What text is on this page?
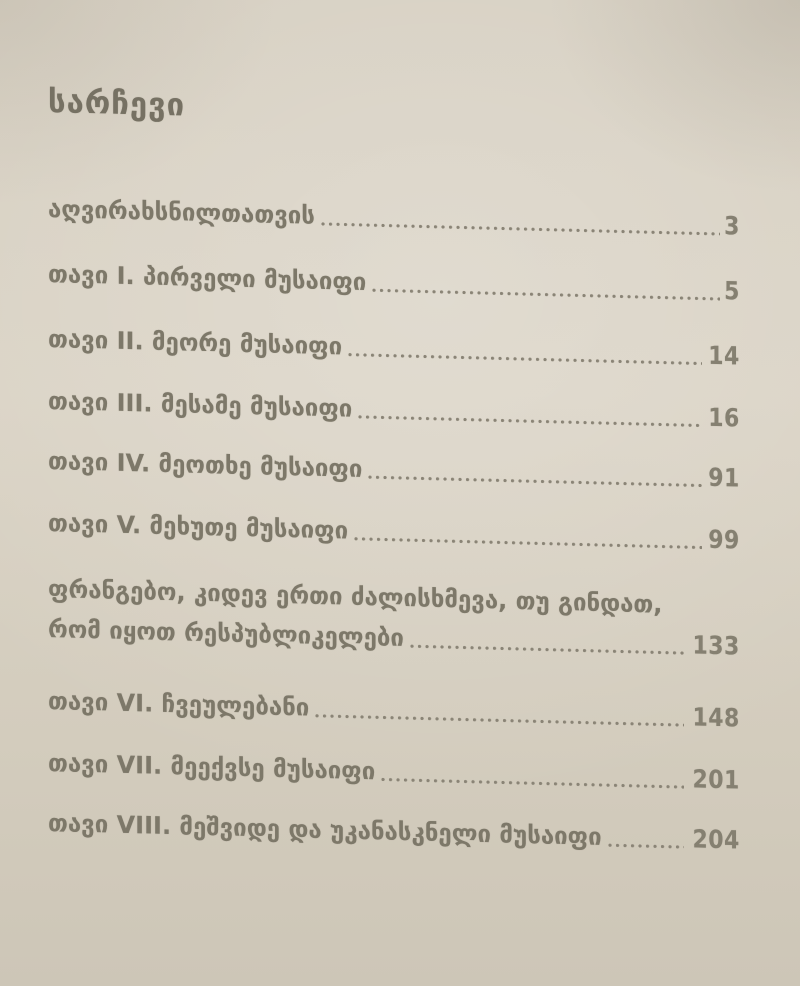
სარჩევი
აღვირახსნილთათვის	3
თავი I. პირველი მუსაიფი	5
თავი II. მეორე მუსაიფი	14
თავი III. მესამე მუსაიფი	16
თავი IV. მეოთხე მუსაიფი	91
თავი V. მეხუთე მუსაიფი	99
ფრანგებო, კიდევ ერთი ძალისხმევა, თუ გინდათ,
რომ იყოთ რესპუბლიკელები	133
თავი VI. ჩვეულებანი	148
თავი VII. მეექვსე მუსაიფი	201
თავი VIII. მეშვიდე და უკანასკნელი მუსაიფი	204
